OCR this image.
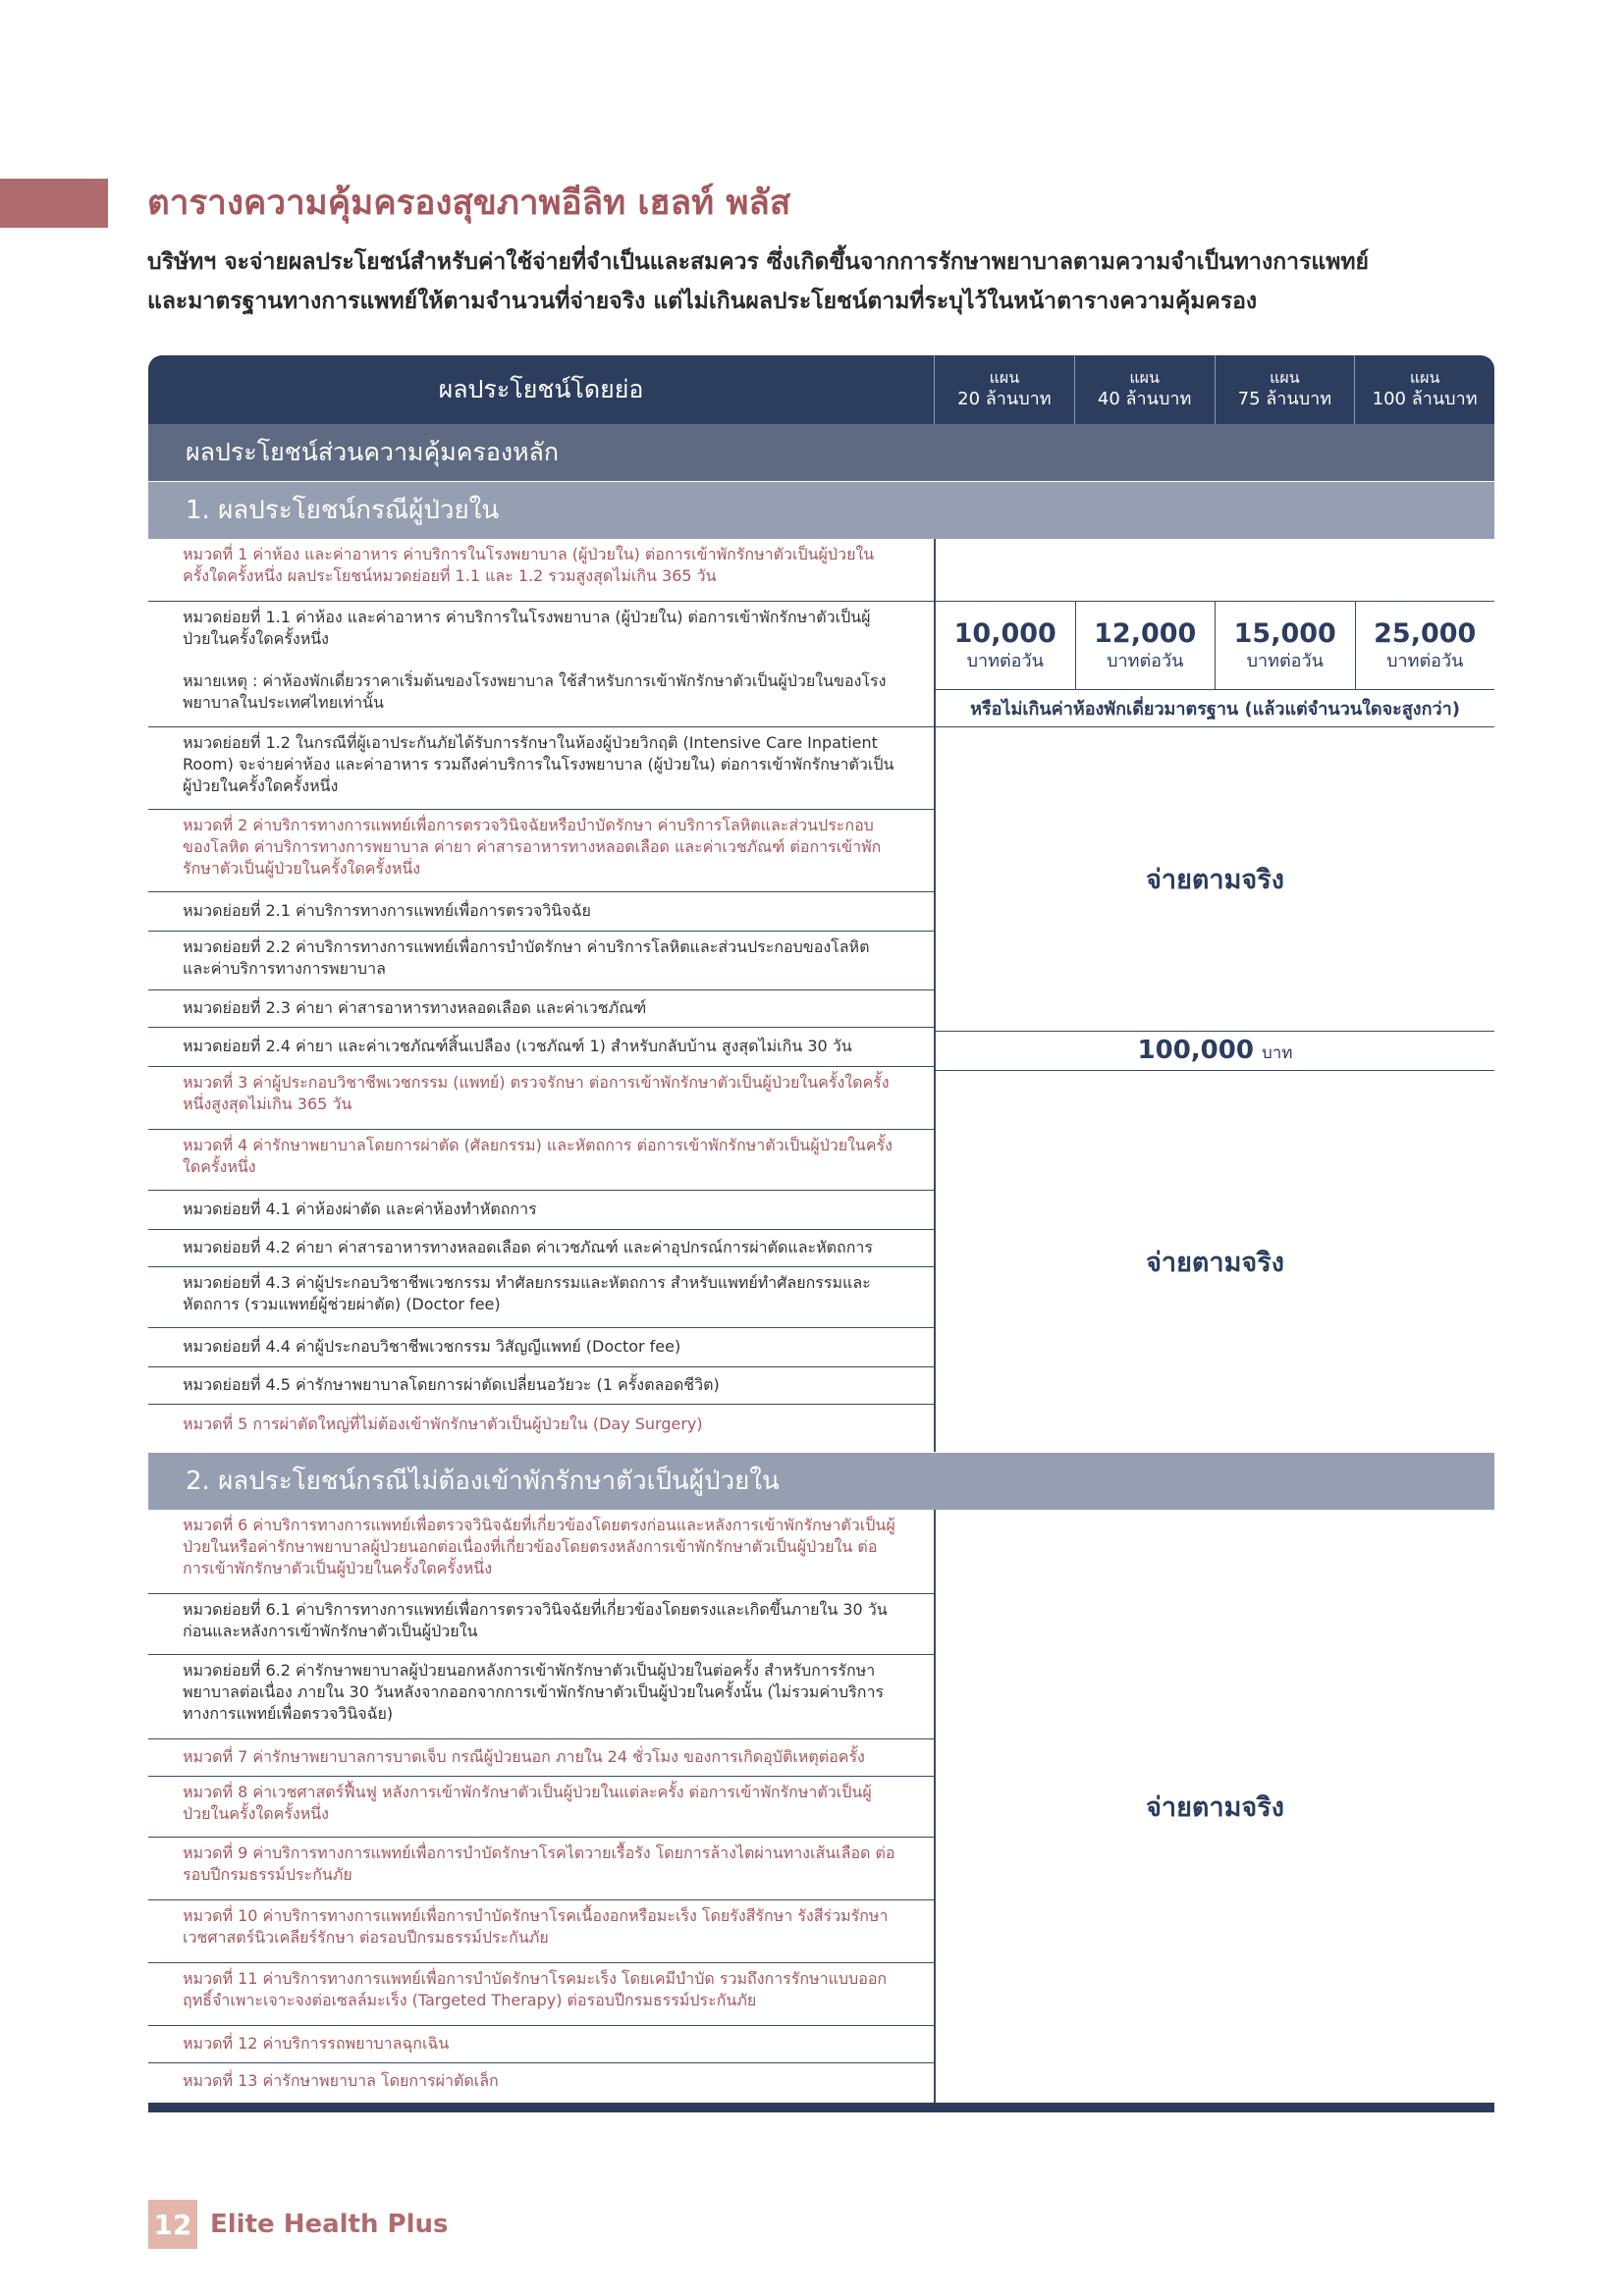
ตารางความคุ้มครองสุขภาพอีลิท เฮลท์ พลัส

บริษัทฯ จะจ่ายผลประโยชน์สำหรับค่าใช้จ่ายที่จำเป็นและสมควร ซึ่งเกิดขึ้นจากการรักษาพยาบาลตามความจำเป็นทางการแพทย์
และมาตรฐานทางการแพทย์ให้ตามจำนวนที่จ่ายจริง แต่ไม่เกินผลประโยชน์ตามที่ระบุไว้ในหน้าตารางความคุ้มครอง

ผลประโยชน์โดยย่อ	แผน
20 ล้านบาท
แผน
40 ล้านบาท
แผน
75 ล้านบาท
แผน
100 ล้านบาท
ผลประโยชน์ส่วนความคุ้มครองหลัก
1. ผลประโยชน์กรณีผู้ป่วยใน
หมวดที่ 1 ค่าห้อง และค่าอาหาร ค่าบริการในโรงพยาบาล (ผู้ป่วยใน) ต่อการเข้าพักรักษาตัวเป็นผู้ป่วยในครั้งใดครั้งหนึ่ง ผลประโยชน์หมวดย่อยที่ 1.1 และ 1.2 รวมสูงสุดไม่เกิน 365 วัน
หมวดย่อยที่ 1.1 ค่าห้อง และค่าอาหาร ค่าบริการในโรงพยาบาล (ผู้ป่วยใน) ต่อการเข้าพักรักษาตัวเป็นผู้ป่วยในครั้งใดครั้งหนึ่ง
หมายเหตุ : ค่าห้องพักเดี่ยวราคาเริ่มต้นของโรงพยาบาล ใช้สำหรับการเข้าพักรักษาตัวเป็นผู้ป่วยในของโรงพยาบาลในประเทศไทยเท่านั้น
หมวดย่อยที่ 1.2 ในกรณีที่ผู้เอาประกันภัยได้รับการรักษาในห้องผู้ป่วยวิกฤติ (Intensive Care Inpatient Room) จะจ่ายค่าห้อง และค่าอาหาร รวมถึงค่าบริการในโรงพยาบาล (ผู้ป่วยใน) ต่อการเข้าพักรักษาตัวเป็นผู้ป่วยในครั้งใดครั้งหนึ่ง
หมวดที่ 2 ค่าบริการทางการแพทย์เพื่อการตรวจวินิจฉัยหรือบำบัดรักษา ค่าบริการโลหิตและส่วนประกอบของโลหิต ค่าบริการทางการพยาบาล ค่ายา ค่าสารอาหารทางหลอดเลือด และค่าเวชภัณฑ์ ต่อการเข้าพักรักษาตัวเป็นผู้ป่วยในครั้งใดครั้งหนึ่ง
หมวดย่อยที่ 2.1 ค่าบริการทางการแพทย์เพื่อการตรวจวินิจฉัย
หมวดย่อยที่ 2.2 ค่าบริการทางการแพทย์เพื่อการบำบัดรักษา ค่าบริการโลหิตและส่วนประกอบของโลหิตและค่าบริการทางการพยาบาล
หมวดย่อยที่ 2.3 ค่ายา ค่าสารอาหารทางหลอดเลือด และค่าเวชภัณฑ์
หมวดย่อยที่ 2.4 ค่ายา และค่าเวชภัณฑ์สิ้นเปลือง (เวชภัณฑ์ 1) สำหรับกลับบ้าน สูงสุดไม่เกิน 30 วัน
หมวดที่ 3 ค่าผู้ประกอบวิชาชีพเวชกรรม (แพทย์) ตรวจรักษา ต่อการเข้าพักรักษาตัวเป็นผู้ป่วยในครั้งใดครั้งหนึ่งสูงสุดไม่เกิน 365 วัน
หมวดที่ 4 ค่ารักษาพยาบาลโดยการผ่าตัด (ศัลยกรรม) และหัตถการ ต่อการเข้าพักรักษาตัวเป็นผู้ป่วยในครั้งใดครั้งหนึ่ง
หมวดย่อยที่ 4.1 ค่าห้องผ่าตัด และค่าห้องทำหัตถการ
หมวดย่อยที่ 4.2 ค่ายา ค่าสารอาหารทางหลอดเลือด ค่าเวชภัณฑ์ และค่าอุปกรณ์การผ่าตัดและหัตถการ
หมวดย่อยที่ 4.3 ค่าผู้ประกอบวิชาชีพเวชกรรม ทำศัลยกรรมและหัตถการ สำหรับแพทย์ทำศัลยกรรมและหัตถการ (รวมแพทย์ผู้ช่วยผ่าตัด) (Doctor fee)
หมวดย่อยที่ 4.4 ค่าผู้ประกอบวิชาชีพเวชกรรม วิสัญญีแพทย์ (Doctor fee)
หมวดย่อยที่ 4.5 ค่ารักษาพยาบาลโดยการผ่าตัดเปลี่ยนอวัยวะ (1 ครั้งตลอดชีวิต)
หมวดที่ 5 การผ่าตัดใหญ่ที่ไม่ต้องเข้าพักรักษาตัวเป็นผู้ป่วยใน (Day Surgery)
10,000
บาทต่อวัน
12,000
บาทต่อวัน
15,000
บาทต่อวัน
25,000
บาทต่อวัน
หรือไม่เกินค่าห้องพักเดี่ยวมาตรฐาน (แล้วแต่จำนวนใดจะสูงกว่า)
จ่ายตามจริง
100,000 บาท
จ่ายตามจริง
2. ผลประโยชน์กรณีไม่ต้องเข้าพักรักษาตัวเป็นผู้ป่วยใน
หมวดที่ 6 ค่าบริการทางการแพทย์เพื่อตรวจวินิจฉัยที่เกี่ยวข้องโดยตรงก่อนและหลังการเข้าพักรักษาตัวเป็นผู้ป่วยในหรือค่ารักษาพยาบาลผู้ป่วยนอกต่อเนื่องที่เกี่ยวข้องโดยตรงหลังการเข้าพักรักษาตัวเป็นผู้ป่วยใน ต่อการเข้าพักรักษาตัวเป็นผู้ป่วยในครั้งใดครั้งหนึ่ง
หมวดย่อยที่ 6.1 ค่าบริการทางการแพทย์เพื่อการตรวจวินิจฉัยที่เกี่ยวข้องโดยตรงและเกิดขึ้นภายใน 30 วันก่อนและหลังการเข้าพักรักษาตัวเป็นผู้ป่วยใน
หมวดย่อยที่ 6.2 ค่ารักษาพยาบาลผู้ป่วยนอกหลังการเข้าพักรักษาตัวเป็นผู้ป่วยในต่อครั้ง สำหรับการรักษาพยาบาลต่อเนื่อง ภายใน 30 วันหลังจากออกจากการเข้าพักรักษาตัวเป็นผู้ป่วยในครั้งนั้น (ไม่รวมค่าบริการทางการแพทย์เพื่อตรวจวินิจฉัย)
หมวดที่ 7 ค่ารักษาพยาบาลการบาดเจ็บ กรณีผู้ป่วยนอก ภายใน 24 ชั่วโมง ของการเกิดอุบัติเหตุต่อครั้ง
หมวดที่ 8 ค่าเวชศาสตร์ฟื้นฟู หลังการเข้าพักรักษาตัวเป็นผู้ป่วยในแต่ละครั้ง ต่อการเข้าพักรักษาตัวเป็นผู้ป่วยในครั้งใดครั้งหนึ่ง
หมวดที่ 9 ค่าบริการทางการแพทย์เพื่อการบำบัดรักษาโรคไตวายเรื้อรัง โดยการล้างไตผ่านทางเส้นเลือด ต่อรอบปีกรมธรรม์ประกันภัย
หมวดที่ 10 ค่าบริการทางการแพทย์เพื่อการบำบัดรักษาโรคเนื้องอกหรือมะเร็ง โดยรังสีรักษา รังสีร่วมรักษาเวชศาสตร์นิวเคลียร์รักษา ต่อรอบปีกรมธรรม์ประกันภัย
หมวดที่ 11 ค่าบริการทางการแพทย์เพื่อการบำบัดรักษาโรคมะเร็ง โดยเคมีบำบัด รวมถึงการรักษาแบบออกฤทธิ์จำเพาะเจาะจงต่อเซลล์มะเร็ง (Targeted Therapy) ต่อรอบปีกรมธรรม์ประกันภัย
หมวดที่ 12 ค่าบริการรถพยาบาลฉุกเฉิน
หมวดที่ 13 ค่ารักษาพยาบาล โดยการผ่าตัดเล็ก
จ่ายตามจริง
12 Elite Health Plus
